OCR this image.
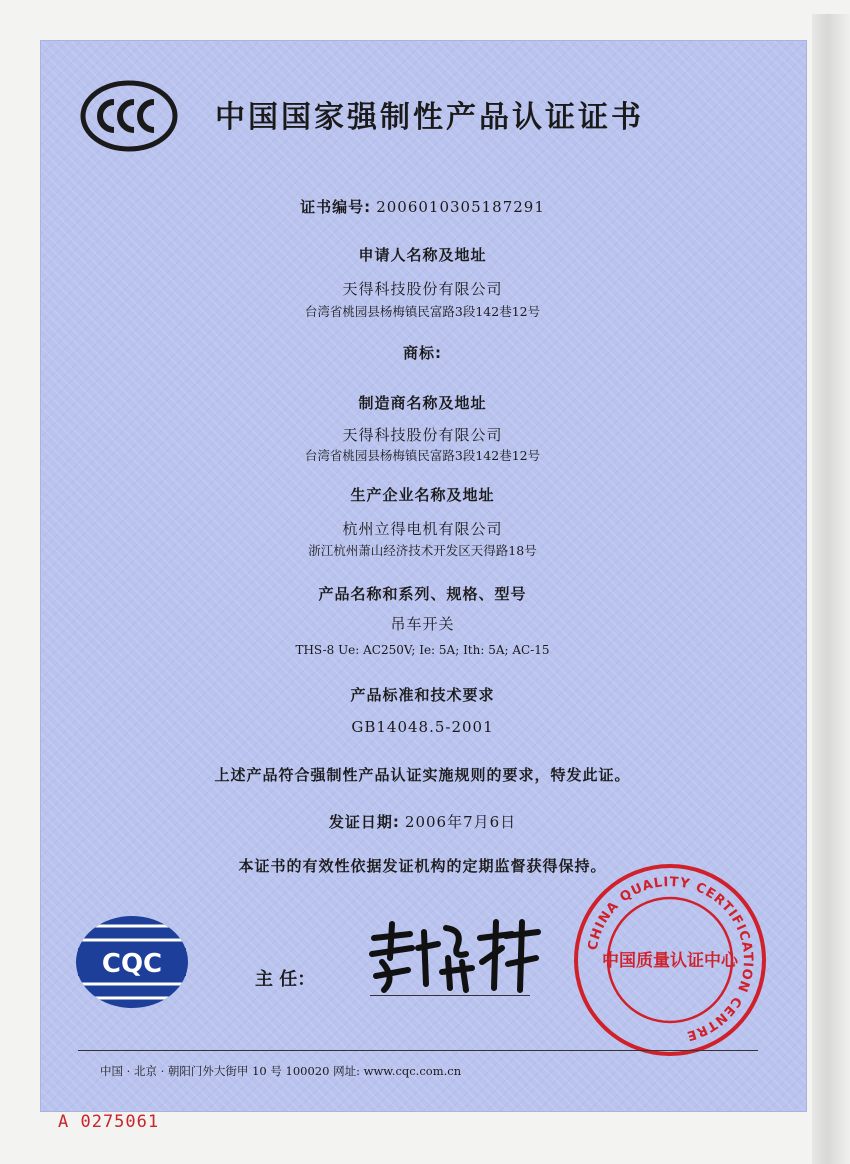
CCC	中国国家强制性产品认证证书
证书编号: 2006010305187291
申请人名称及地址
天得科技股份有限公司
台湾省桃园县杨梅镇民富路3段142巷12号
商标:
制造商名称及地址
天得科技股份有限公司
台湾省桃园县杨梅镇民富路3段142巷12号
生产企业名称及地址
杭州立得电机有限公司
浙江杭州萧山经济技术开发区天得路18号
产品名称和系列、规格、型号
吊车开关
THS-8 Ue: AC250V; Ie: 5A; Ith: 5A; AC-15
产品标准和技术要求
GB14048.5-2001
上述产品符合强制性产品认证实施规则的要求，特发此证。
发证日期: 2006年7月6日
本证书的有效性依据发证机构的定期监督获得保持。
CQC
主 任：
李怀林
CHINA QUALITY CERTIFICATION CENTRE
中国质量认证中心
中国 · 北京 · 朝阳门外大街甲 10 号 100020 网址: www.cqc.com.cn
A 0275061
